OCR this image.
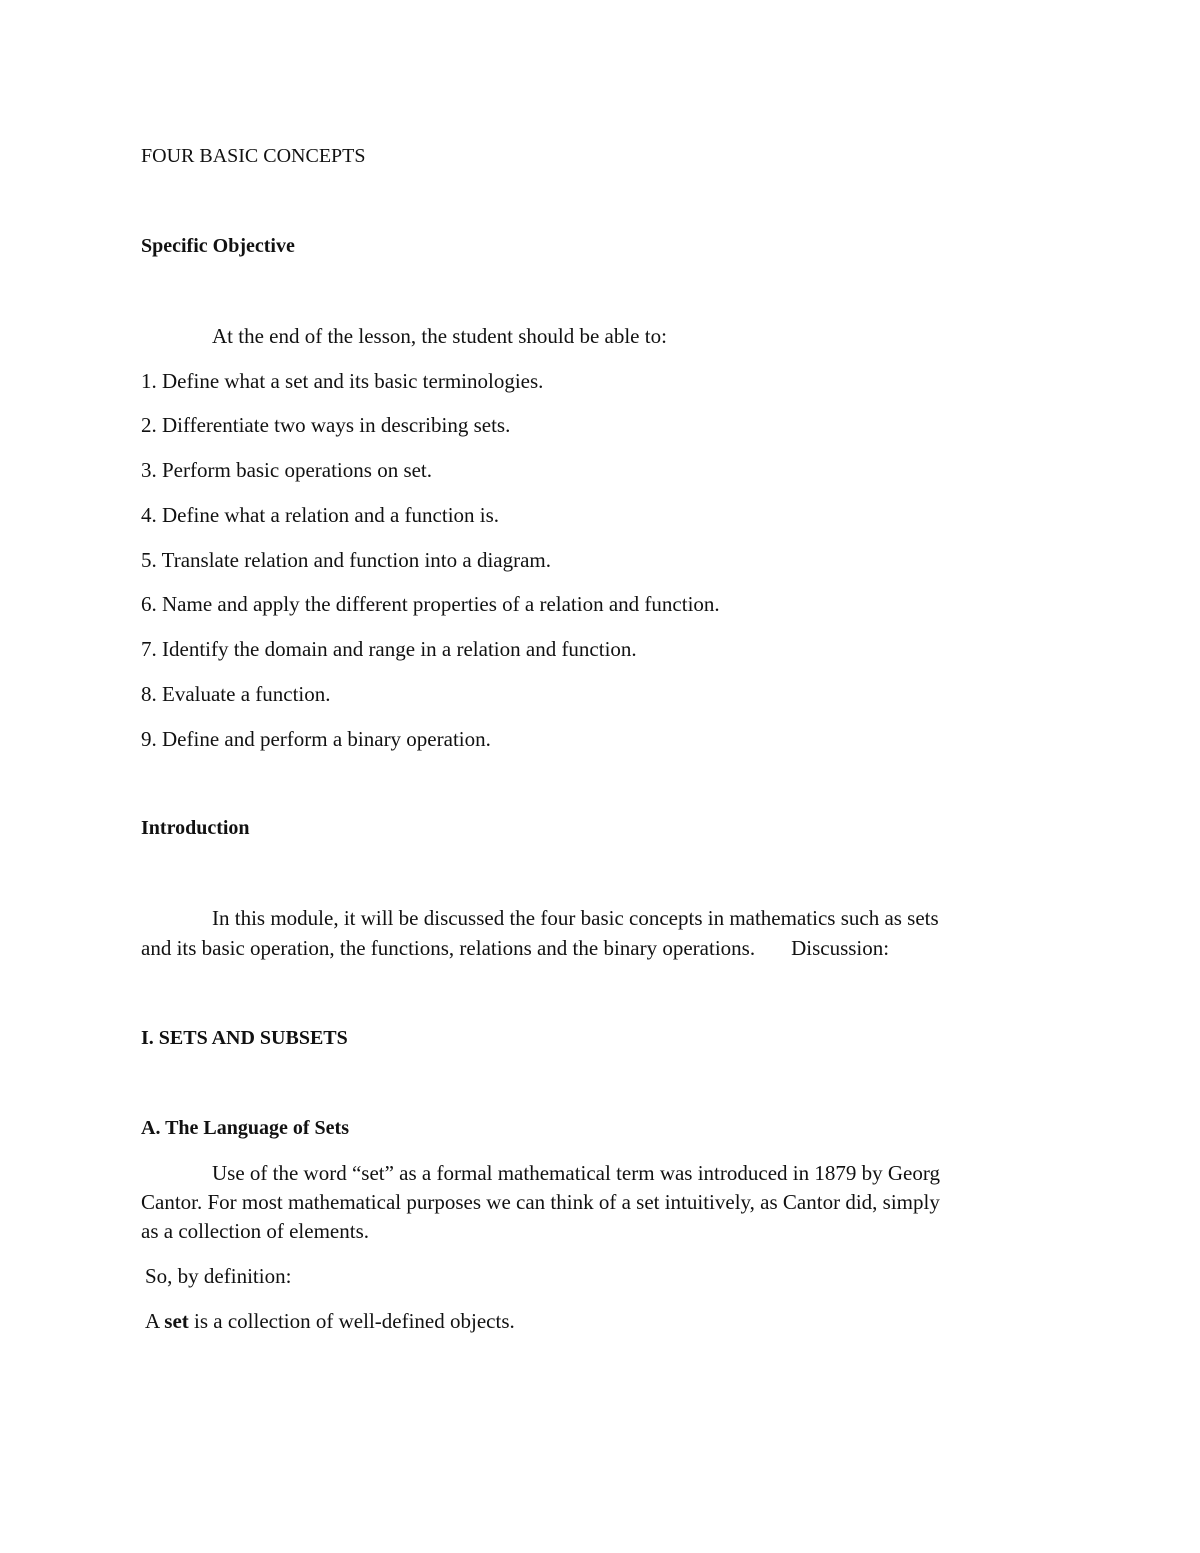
FOUR BASIC CONCEPTS
Specific Objective
At the end of the lesson, the student should be able to:
1. Define what a set and its basic terminologies.
2. Differentiate two ways in describing sets.
3. Perform basic operations on set.
4. Define what a relation and a function is.
5. Translate relation and function into a diagram.
6. Name and apply the different properties of a relation and function.
7. Identify the domain and range in a relation and function.
8. Evaluate a function.
9. Define and perform a binary operation.
Introduction
In this module, it will be discussed the four basic concepts in mathematics such as sets
and its basic operation, the functions, relations and the binary operations. Discussion:
I. SETS AND SUBSETS
A. The Language of Sets
Use of the word “set” as a formal mathematical term was introduced in 1879 by Georg
Cantor. For most mathematical purposes we can think of a set intuitively, as Cantor did, simply
as a collection of elements.
So, by definition:
A set is a collection of well-defined objects.
